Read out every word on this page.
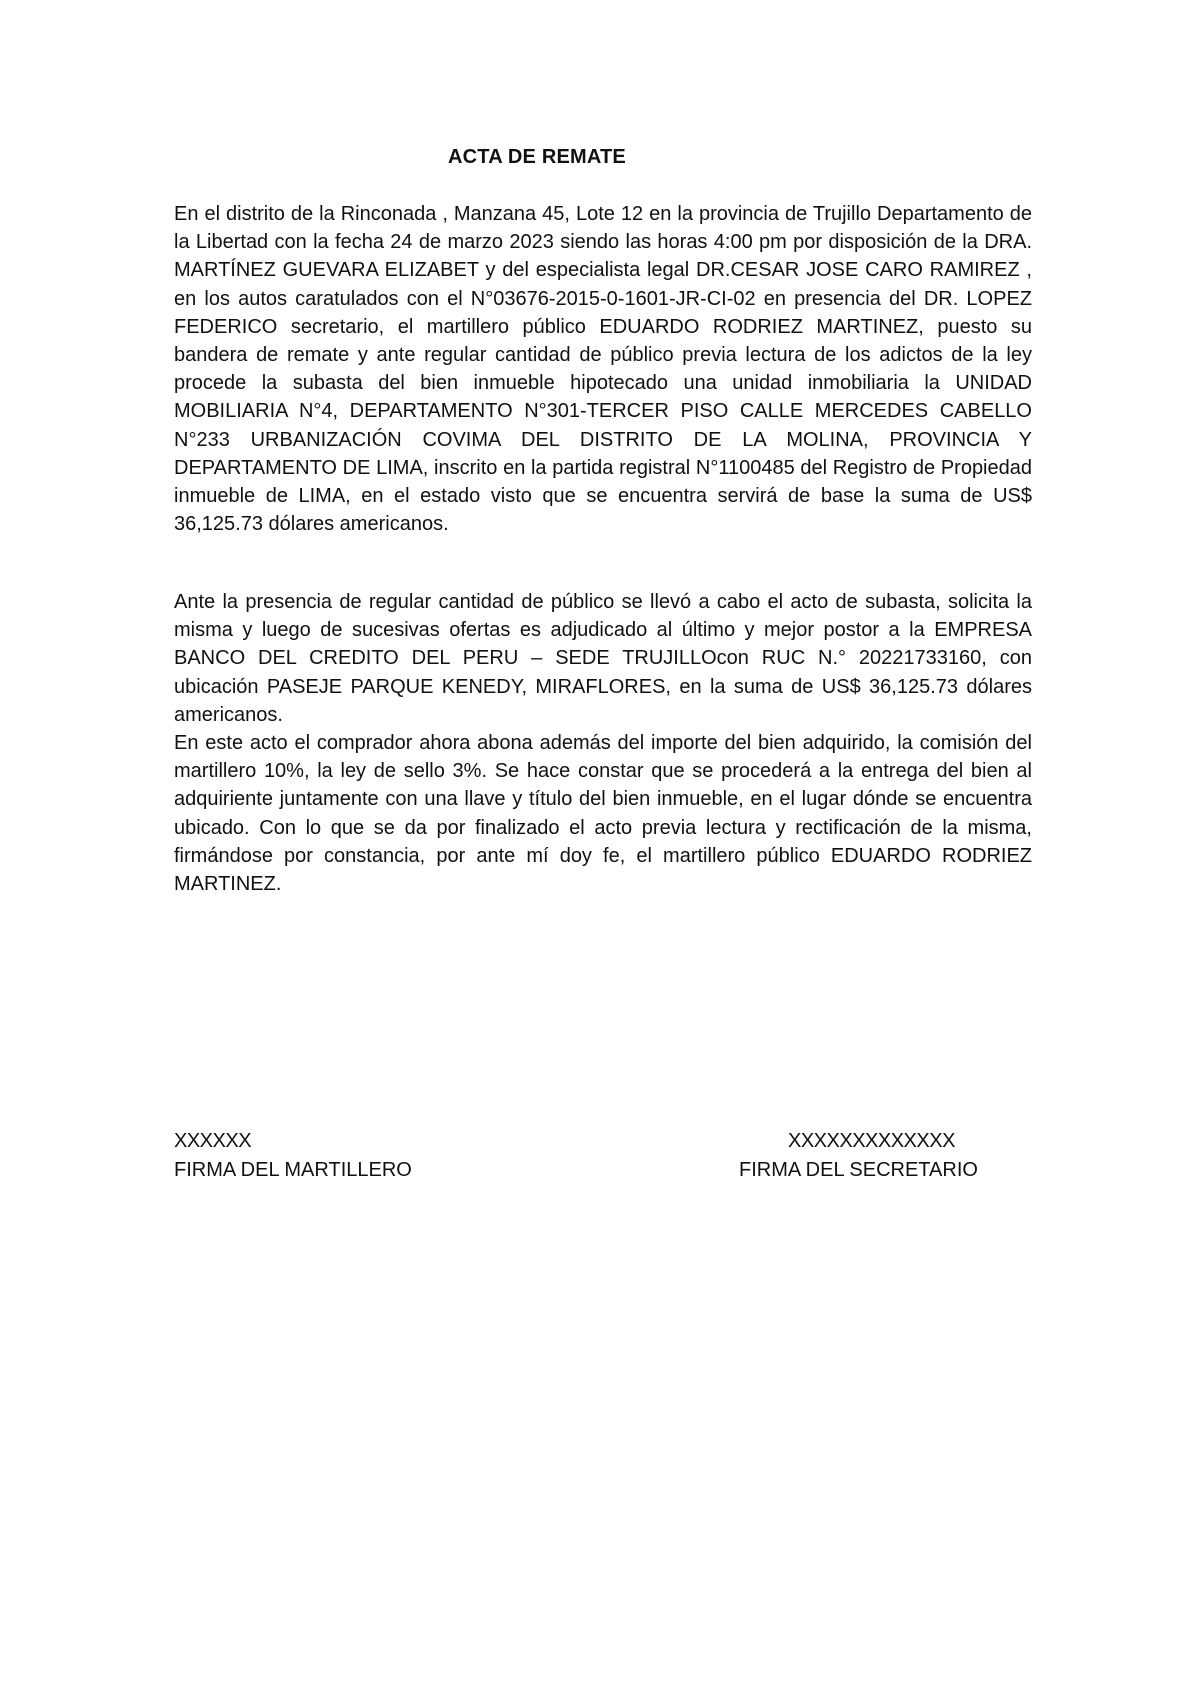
ACTA DE REMATE
En el distrito de la Rinconada , Manzana 45, Lote 12 en la provincia de Trujillo Departamento de la Libertad con la fecha 24 de marzo 2023 siendo las horas 4:00 pm por disposición de la DRA. MARTÍNEZ GUEVARA ELIZABET y del especialista legal DR.CESAR JOSE CARO RAMIREZ , en los autos caratulados con el N°03676-2015-0-1601-JR-CI-02 en presencia del DR. LOPEZ FEDERICO secretario, el martillero público EDUARDO RODRIEZ MARTINEZ, puesto su bandera de remate y ante regular cantidad de público previa lectura de los adictos de la ley procede la subasta del bien inmueble hipotecado una unidad inmobiliaria la UNIDAD MOBILIARIA N°4, DEPARTAMENTO N°301-TERCER PISO CALLE MERCEDES CABELLO N°233 URBANIZACIÓN COVIMA DEL DISTRITO DE LA MOLINA, PROVINCIA Y DEPARTAMENTO DE LIMA, inscrito en la partida registral N°1100485 del Registro de Propiedad inmueble de LIMA, en el estado visto que se encuentra servirá de base la suma de US$ 36,125.73 dólares americanos.
Ante la presencia de regular cantidad de público se llevó a cabo el acto de subasta, solicita la misma y luego de sucesivas ofertas es adjudicado al último y mejor postor a la EMPRESA BANCO DEL CREDITO DEL PERU – SEDE TRUJILLOcon RUC N.° 20221733160, con ubicación PASEJE PARQUE KENEDY, MIRAFLORES, en la suma de US$ 36,125.73 dólares americanos.
En este acto el comprador ahora abona además del importe del bien adquirido, la comisión del martillero 10%, la ley de sello 3%. Se hace constar que se procederá a la entrega del bien al adquiriente juntamente con una llave y título del bien inmueble, en el lugar dónde se encuentra ubicado. Con lo que se da por finalizado el acto previa lectura y rectificación de la misma, firmándose por constancia, por ante mí doy fe, el martillero público EDUARDO RODRIEZ MARTINEZ.
XXXXXX
FIRMA DEL MARTILLERO
XXXXXXXXXXXXX
FIRMA DEL SECRETARIO
